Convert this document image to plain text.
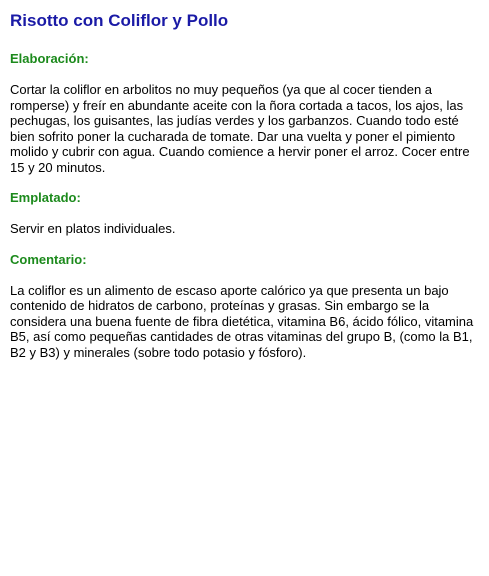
Risotto con Coliflor y Pollo
Elaboración:

Cortar la coliflor en arbolitos no muy pequeños (ya que al cocer tienden a romperse) y freír en abundante aceite con la ñora cortada a tacos, los ajos, las pechugas, los guisantes, las judías verdes y los garbanzos. Cuando todo esté bien sofrito poner la cucharada de tomate. Dar una vuelta y poner el pimiento molido y cubrir con agua. Cuando comience a hervir poner el arroz. Cocer entre 15 y 20 minutos.

Emplatado:

Servir en platos individuales.

Comentario:

La coliflor es un alimento de escaso aporte calórico ya que presenta un bajo contenido de hidratos de carbono, proteínas y grasas. Sin embargo se la considera una buena fuente de fibra dietética, vitamina B6, ácido fólico, vitamina B5, así como pequeñas cantidades de otras vitaminas del grupo B, (como la B1, B2 y B3) y minerales (sobre todo potasio y fósforo).
